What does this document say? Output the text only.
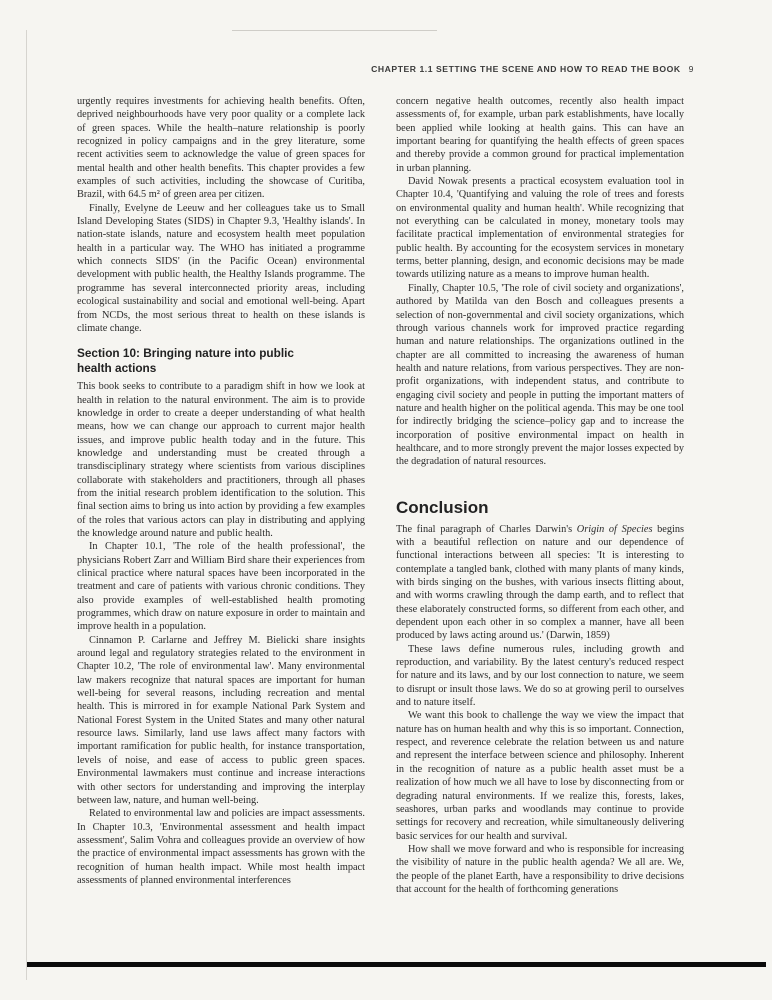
CHAPTER 1.1 SETTING THE SCENE AND HOW TO READ THE BOOK 9

urgently requires investments for achieving health benefits. Often, deprived neighbourhoods have very poor quality or a complete lack of green spaces. While the health–nature relationship is poorly recognized in policy campaigns and in the grey literature, some recent activities seem to acknowledge the value of green spaces for mental health and other health benefits. This chapter provides a few examples of such activities, including the showcase of Curitiba, Brazil, with 64.5 m² of green area per citizen.

Finally, Evelyne de Leeuw and her colleagues take us to Small Island Developing States (SIDS) in Chapter 9.3, 'Healthy islands'. In nation-state islands, nature and ecosystem health meet population health in a particular way. The WHO has initiated a programme which connects SIDS' (in the Pacific Ocean) environmental development with public health, the Healthy Islands programme. The programme has several interconnected priority areas, including ecological sustainability and social and emotional well-being. Apart from NCDs, the most serious threat to health on these islands is climate change.

Section 10: Bringing nature into public health actions

This book seeks to contribute to a paradigm shift in how we look at health in relation to the natural environment. The aim is to provide knowledge in order to create a deeper understanding of what health means, how we can change our approach to current major health issues, and improve public health today and in the future. This knowledge and understanding must be created through a transdisciplinary strategy where scientists from various disciplines collaborate with stakeholders and practitioners, through all phases from the initial research problem identification to the solution. This final section aims to bring us into action by providing a few examples of the roles that various actors can play in distributing and applying the knowledge around nature and public health.

In Chapter 10.1, 'The role of the health professional', the physicians Robert Zarr and William Bird share their experiences from clinical practice where natural spaces have been incorporated in the treatment and care of patients with various chronic conditions. They also provide examples of well-established health promoting programmes, which draw on nature exposure in order to maintain and improve health in a population.

Cinnamon P. Carlarne and Jeffrey M. Bielicki share insights around legal and regulatory strategies related to the environment in Chapter 10.2, 'The role of environmental law'. Many environmental law makers recognize that natural spaces are important for human well-being for several reasons, including recreation and mental health. This is mirrored in for example National Park System and National Forest System in the United States and many other natural resource laws. Similarly, land use laws affect many factors with important ramification for public health, for instance transportation, levels of noise, and ease of access to public green spaces. Environmental lawmakers must continue and increase interactions with other sectors for understanding and improving the interplay between law, nature, and human well-being.

Related to environmental law and policies are impact assessments. In Chapter 10.3, 'Environmental assessment and health impact assessment', Salim Vohra and colleagues provide an overview of how the practice of environmental impact assessments has grown with the recognition of human health impact. While most health impact assessments of planned environmental interferences

concern negative health outcomes, recently also health impact assessments of, for example, urban park establishments, have locally been applied while looking at health gains. This can have an important bearing for quantifying the health effects of green spaces and thereby provide a common ground for practical implementation in urban planning.

David Nowak presents a practical ecosystem evaluation tool in Chapter 10.4, 'Quantifying and valuing the role of trees and forests on environmental quality and human health'. While recognizing that not everything can be calculated in money, monetary tools may facilitate practical implementation of environmental strategies for public health. By accounting for the ecosystem services in monetary terms, better planning, design, and economic decisions may be made towards utilizing nature as a means to improve human health.

Finally, Chapter 10.5, 'The role of civil society and organizations', authored by Matilda van den Bosch and colleagues presents a selection of non-governmental and civil society organizations, which through various channels work for improved practice regarding human and nature relationships. The organizations outlined in the chapter are all committed to increasing the awareness of human health and nature relations, from various perspectives. They are non-profit organizations, with independent status, and contribute to engaging civil society and people in putting the important matters of nature and health higher on the political agenda. This may be one tool for indirectly bridging the science–policy gap and to increase the incorporation of positive environmental impact on health in healthcare, and to more strongly prevent the major losses expected by the degradation of natural resources.

Conclusion

The final paragraph of Charles Darwin's Origin of Species begins with a beautiful reflection on nature and our dependence of functional interactions between all species: 'It is interesting to contemplate a tangled bank, clothed with many plants of many kinds, with birds singing on the bushes, with various insects flitting about, and with worms crawling through the damp earth, and to reflect that these elaborately constructed forms, so different from each other, and dependent upon each other in so complex a manner, have all been produced by laws acting around us.' (Darwin, 1859)

These laws define numerous rules, including growth and reproduction, and variability. By the latest century's reduced respect for nature and its laws, and by our lost connection to nature, we seem to disrupt or insult those laws. We do so at growing peril to ourselves and to nature itself.

We want this book to challenge the way we view the impact that nature has on human health and why this is so important. Connection, respect, and reverence celebrate the relation between us and nature and represent the interface between science and philosophy. Inherent in the recognition of nature as a public health asset must be a realization of how much we all have to lose by disconnecting from or degrading natural environments. If we realize this, forests, lakes, seashores, urban parks and woodlands may continue to provide settings for recovery and recreation, while simultaneously delivering basic services for our health and survival.

How shall we move forward and who is responsible for increasing the visibility of nature in the public health agenda? We all are. We, the people of the planet Earth, have a responsibility to drive decisions that account for the health of forthcoming generations
